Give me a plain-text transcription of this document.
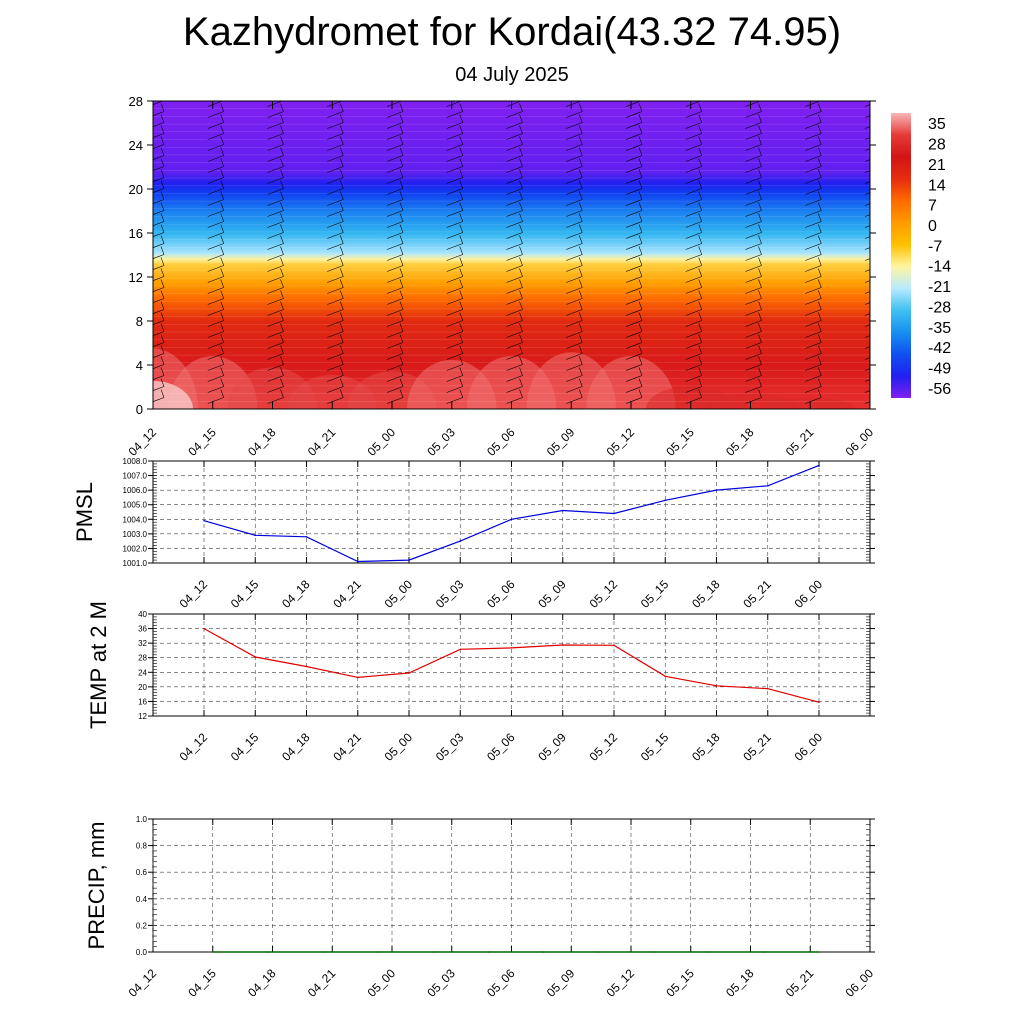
Kazhydromet for Kordai(43.32 74.95)
04 July 2025
0
4
8
12
16
20
24
28
04_12 04_15 04_18 04_21 05_00 05_03 05_06 05_09 05_12 05_15 05_18 05_21 06_00
35
28
21
14
7
0
-7
-14
-21
-28
-35
-42
-49
-56
1001.0
1002.0
1003.0
1004.0
1005.0
1006.0
1007.0
1008.0
04_12 04_15 04_18 04_21 05_00 05_03 05_06 05_09 05_12 05_15 05_18 05_21 06_00
PMSL
12
16
20
24
28
32
36
40
04_12 04_15 04_18 04_21 05_00 05_03 05_06 05_09 05_12 05_15 05_18 05_21 06_00
TEMP at 2 M
0.0
0.2
0.4
0.6
0.8
1.0
04_12 04_15 04_18 04_21 05_00 05_03 05_06 05_09 05_12 05_15 05_18 05_21 06_00
PRECIP, mm
